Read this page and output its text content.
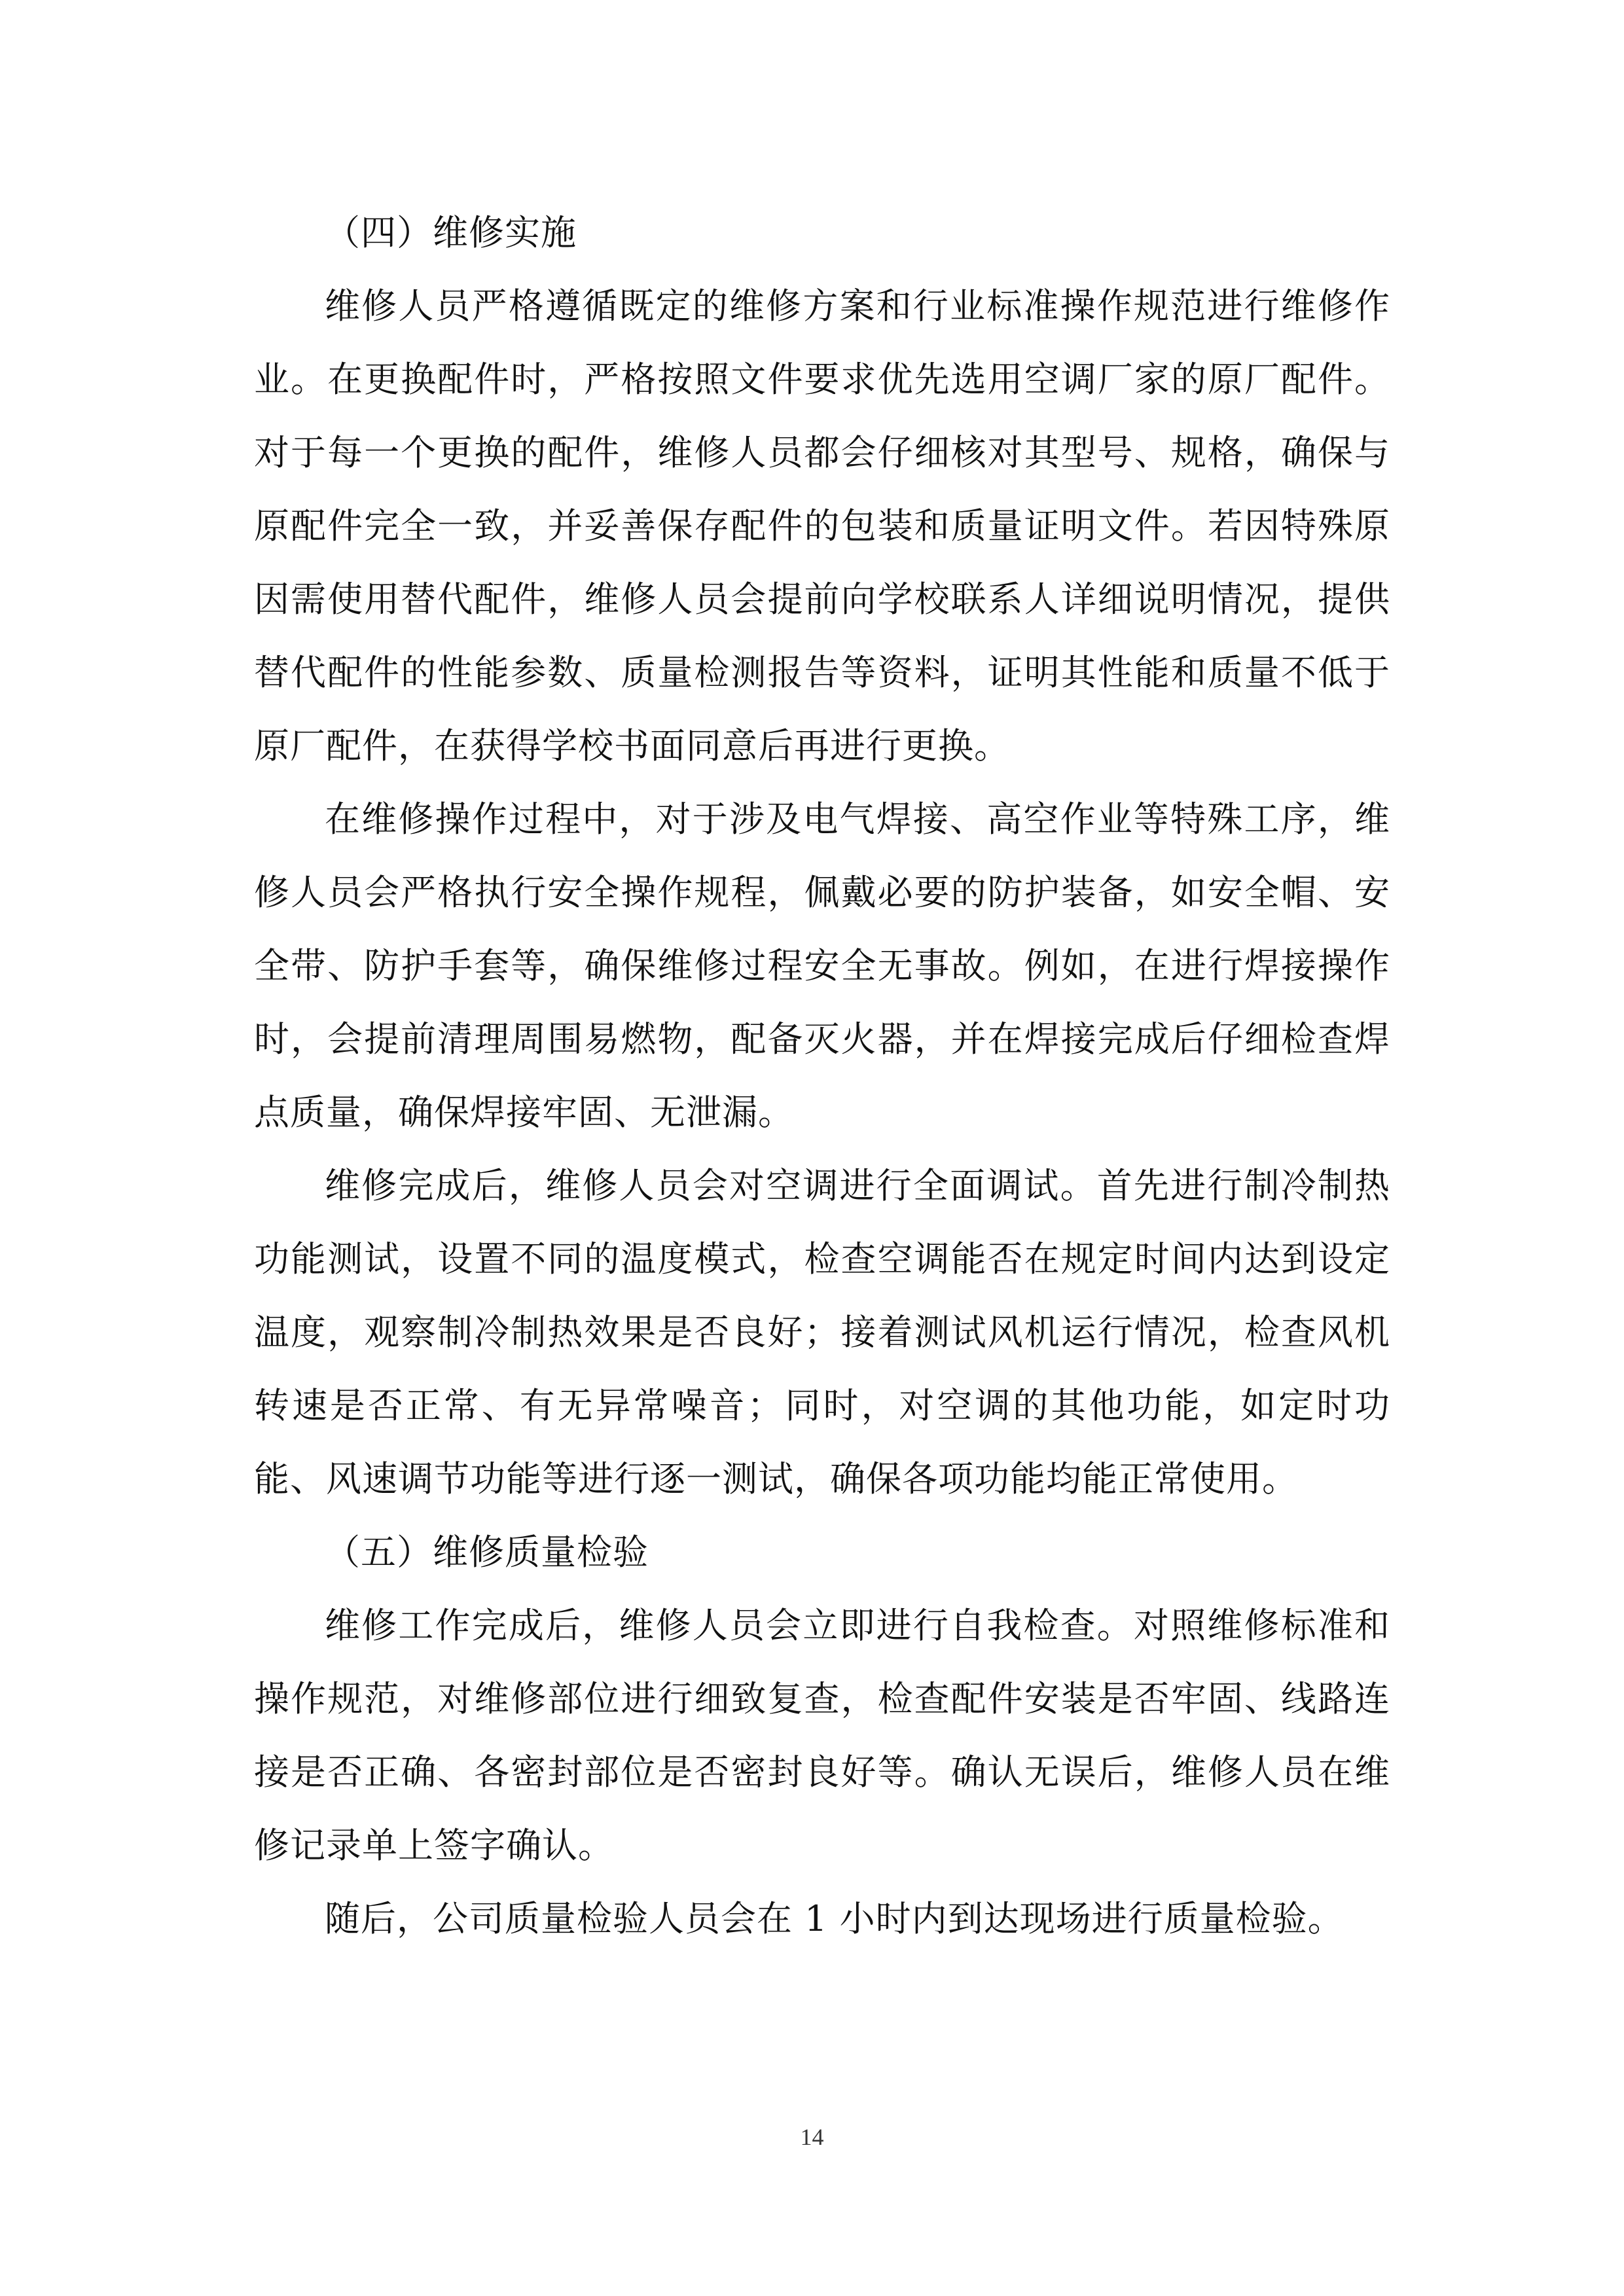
（四）维修实施

维修人员严格遵循既定的维修方案和行业标准操作规范进行维修作业。在更换配件时，严格按照文件要求优先选用空调厂家的原厂配件。对于每一个更换的配件，维修人员都会仔细核对其型号、规格，确保与原配件完全一致，并妥善保存配件的包装和质量证明文件。若因特殊原因需使用替代配件，维修人员会提前向学校联系人详细说明情况，提供替代配件的性能参数、质量检测报告等资料，证明其性能和质量不低于原厂配件，在获得学校书面同意后再进行更换。

在维修操作过程中，对于涉及电气焊接、高空作业等特殊工序，维修人员会严格执行安全操作规程，佩戴必要的防护装备，如安全帽、安全带、防护手套等，确保维修过程安全无事故。例如，在进行焊接操作时，会提前清理周围易燃物，配备灭火器，并在焊接完成后仔细检查焊点质量，确保焊接牢固、无泄漏。

维修完成后，维修人员会对空调进行全面调试。首先进行制冷制热功能测试，设置不同的温度模式，检查空调能否在规定时间内达到设定温度，观察制冷制热效果是否良好；接着测试风机运行情况，检查风机转速是否正常、有无异常噪音；同时，对空调的其他功能，如定时功能、风速调节功能等进行逐一测试，确保各项功能均能正常使用。

（五）维修质量检验

维修工作完成后，维修人员会立即进行自我检查。对照维修标准和操作规范，对维修部位进行细致复查，检查配件安装是否牢固、线路连接是否正确、各密封部位是否密封良好等。确认无误后，维修人员在维修记录单上签字确认。

随后，公司质量检验人员会在 1 小时内到达现场进行质量检验。

14
